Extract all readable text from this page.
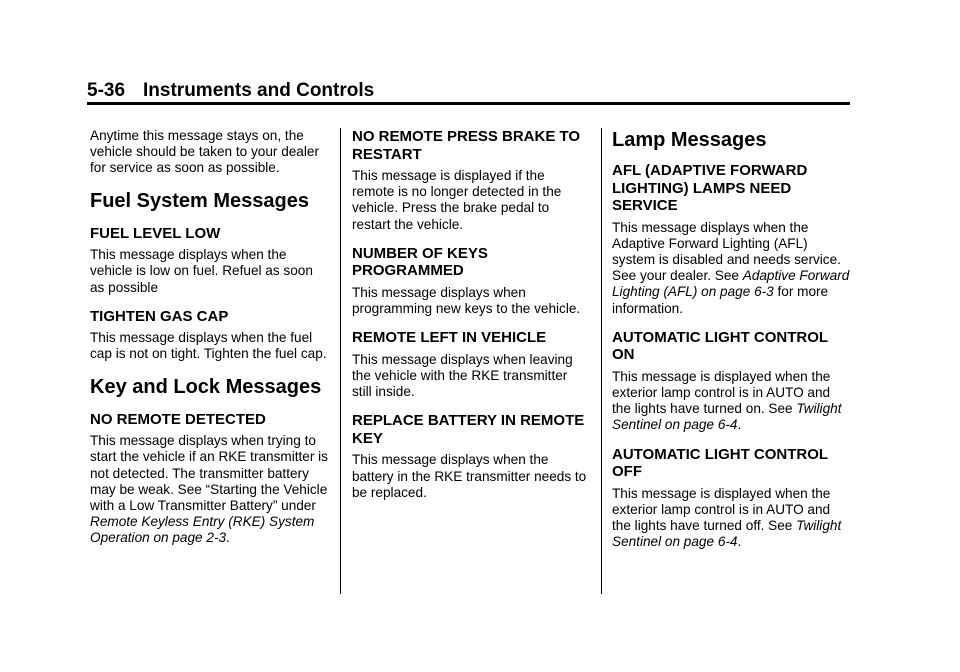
5-36 Instruments and Controls

Anytime this message stays on, the vehicle should be taken to your dealer for service as soon as possible.

Fuel System Messages
FUEL LEVEL LOW

This message displays when the vehicle is low on fuel. Refuel as soon as possible

TIGHTEN GAS CAP

This message displays when the fuel cap is not on tight. Tighten the fuel cap.

Key and Lock Messages
NO REMOTE DETECTED

This message displays when trying to start the vehicle if an RKE transmitter is not detected. The transmitter battery may be weak. See “Starting the Vehicle with a Low Transmitter Battery” under Remote Keyless Entry (RKE) System Operation on page 2-3.

NO REMOTE PRESS BRAKE TO RESTART

This message is displayed if the remote is no longer detected in the vehicle. Press the brake pedal to restart the vehicle.

NUMBER OF KEYS PROGRAMMED

This message displays when programming new keys to the vehicle.

REMOTE LEFT IN VEHICLE

This message displays when leaving the vehicle with the RKE transmitter still inside.

REPLACE BATTERY IN REMOTE KEY

This message displays when the battery in the RKE transmitter needs to be replaced.

Lamp Messages
AFL (ADAPTIVE FORWARD LIGHTING) LAMPS NEED SERVICE

This message displays when the Adaptive Forward Lighting (AFL) system is disabled and needs service. See your dealer. See Adaptive Forward Lighting (AFL) on page 6-3 for more information.

AUTOMATIC LIGHT CONTROL ON

This message is displayed when the exterior lamp control is in AUTO and the lights have turned on. See Twilight Sentinel on page 6-4.

AUTOMATIC LIGHT CONTROL OFF

This message is displayed when the exterior lamp control is in AUTO and the lights have turned off. See Twilight Sentinel on page 6-4.
